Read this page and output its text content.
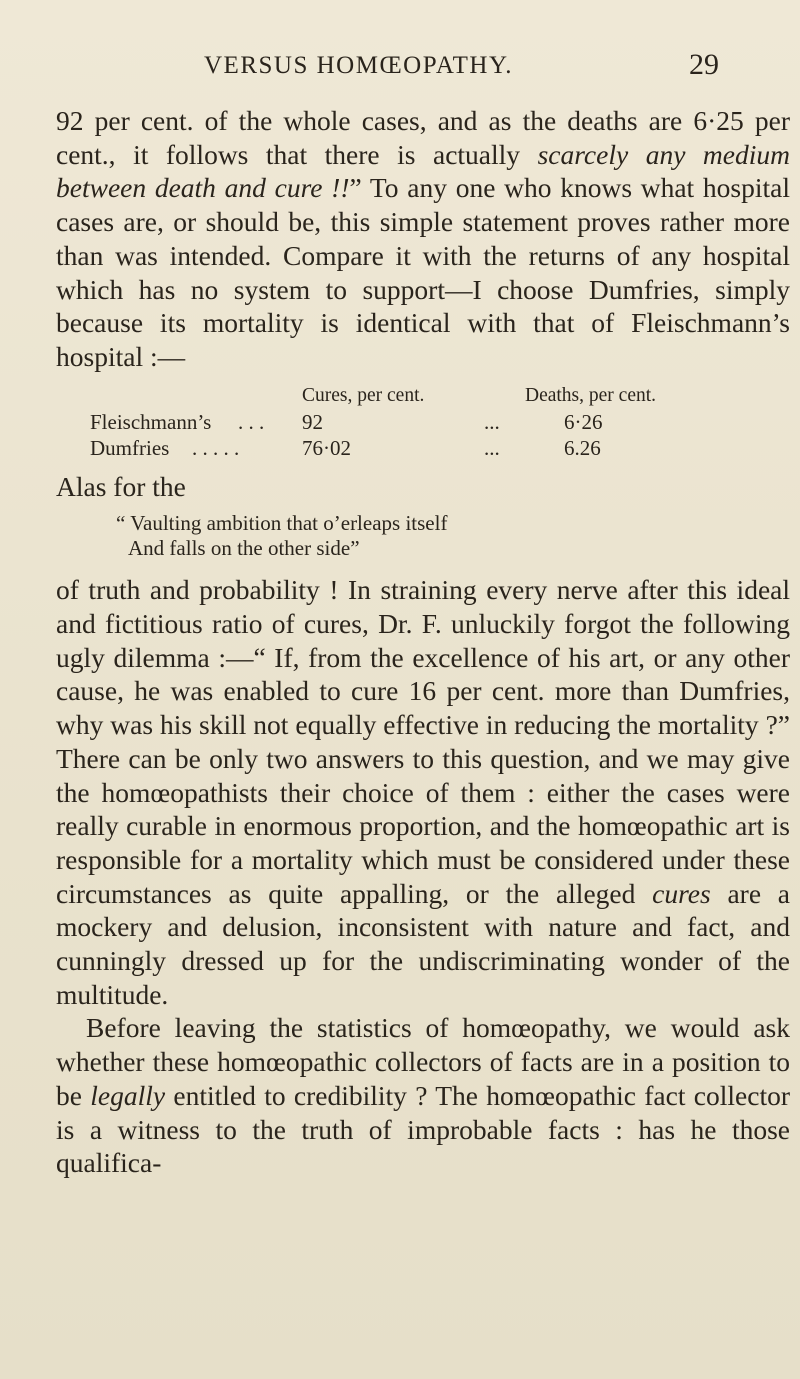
VERSUS HOMŒOPATHY.	29

92 per cent. of the whole cases, and as the deaths are 6·25 per cent., it follows that there is actually scarcely any medium between death and cure !!” To any one who knows what hospital cases are, or should be, this simple statement proves rather more than was intended. Compare it with the returns of any hospital which has no system to support—I choose Dumfries, simply because its mortality is identical with that of Fleischmann’s hospital :—

Cures, per cent.	Deaths, per cent.
Fleischmann’s . . . 92	...	6·26
Dumfries . . . . .	76·02	...	6.26

Alas for the

“ Vaulting ambition that o’erleaps itself
And falls on the other side”

of truth and probability ! In straining every nerve after this ideal and fictitious ratio of cures, Dr. F. unluckily forgot the following ugly dilemma :—“ If, from the excellence of his art, or any other cause, he was enabled to cure 16 per cent. more than Dumfries, why was his skill not equally effective in reducing the mortality ?” There can be only two answers to this question, and we may give the homœopathists their choice of them : either the cases were really curable in enormous proportion, and the homœopathic art is responsible for a mortality which must be considered under these circumstances as quite appalling, or the alleged cures are a mockery and delusion, inconsistent with nature and fact, and cunningly dressed up for the undiscriminating wonder of the multitude.

Before leaving the statistics of homœopathy, we would ask whether these homœopathic collectors of facts are in a position to be legally entitled to credibility ? The homœopathic fact collector is a witness to the truth of improbable facts : has he those qualifica-
